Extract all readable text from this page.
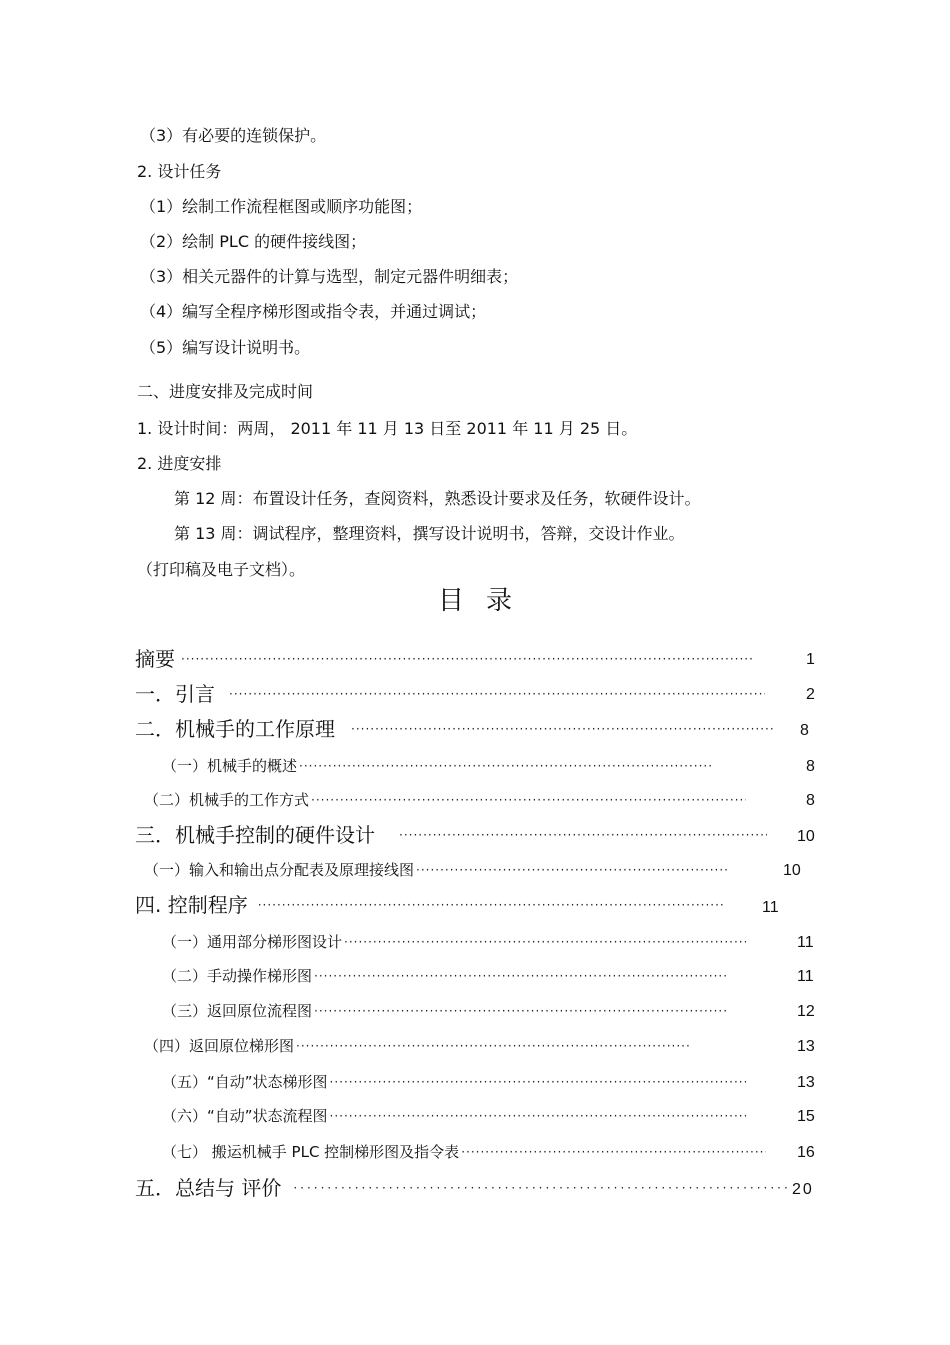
（3）有必要的连锁保护。
2. 设计任务
（1）绘制工作流程框图或顺序功能图；
（2）绘制 PLC 的硬件接线图；
（3）相关元器件的计算与选型，制定元器件明细表；
（4）编写全程序梯形图或指令表，并通过调试；
（5）编写设计说明书。
二、进度安排及完成时间
1. 设计时间：两周， 2011 年 11 月 13 日至 2011 年 11 月 25 日。
2. 进度安排
第 12 周：布置设计任务，查阅资料，熟悉设计要求及任务，软硬件设计。
第 13 周：调试程序，整理资料，撰写设计说明书，答辩，交设计作业。
（打印稿及电子文档）。
目录
摘要 ·····	1
一．引言 ·····	2
二．机械手的工作原理 ·····	8
（一）机械手的概述 ·····	8
（二）机械手的工作方式 ·····	8
三．机械手控制的硬件设计 ·····	10
（一）输入和输出点分配表及原理接线图 ·····	10
四. 控制程序 ·····	11
（一）通用部分梯形图设计 ·····	11
（二）手动操作梯形图 ·····	11
（三）返回原位流程图 ·····	12
（四）返回原位梯形图 ·····	13
（五）“自动”状态梯形图 ·····	13
（六）“自动”状态流程图 ·····	15
（七） 搬运机械手 PLC 控制梯形图及指令表 ·····	16
五．总结与 评价 ·····	20
